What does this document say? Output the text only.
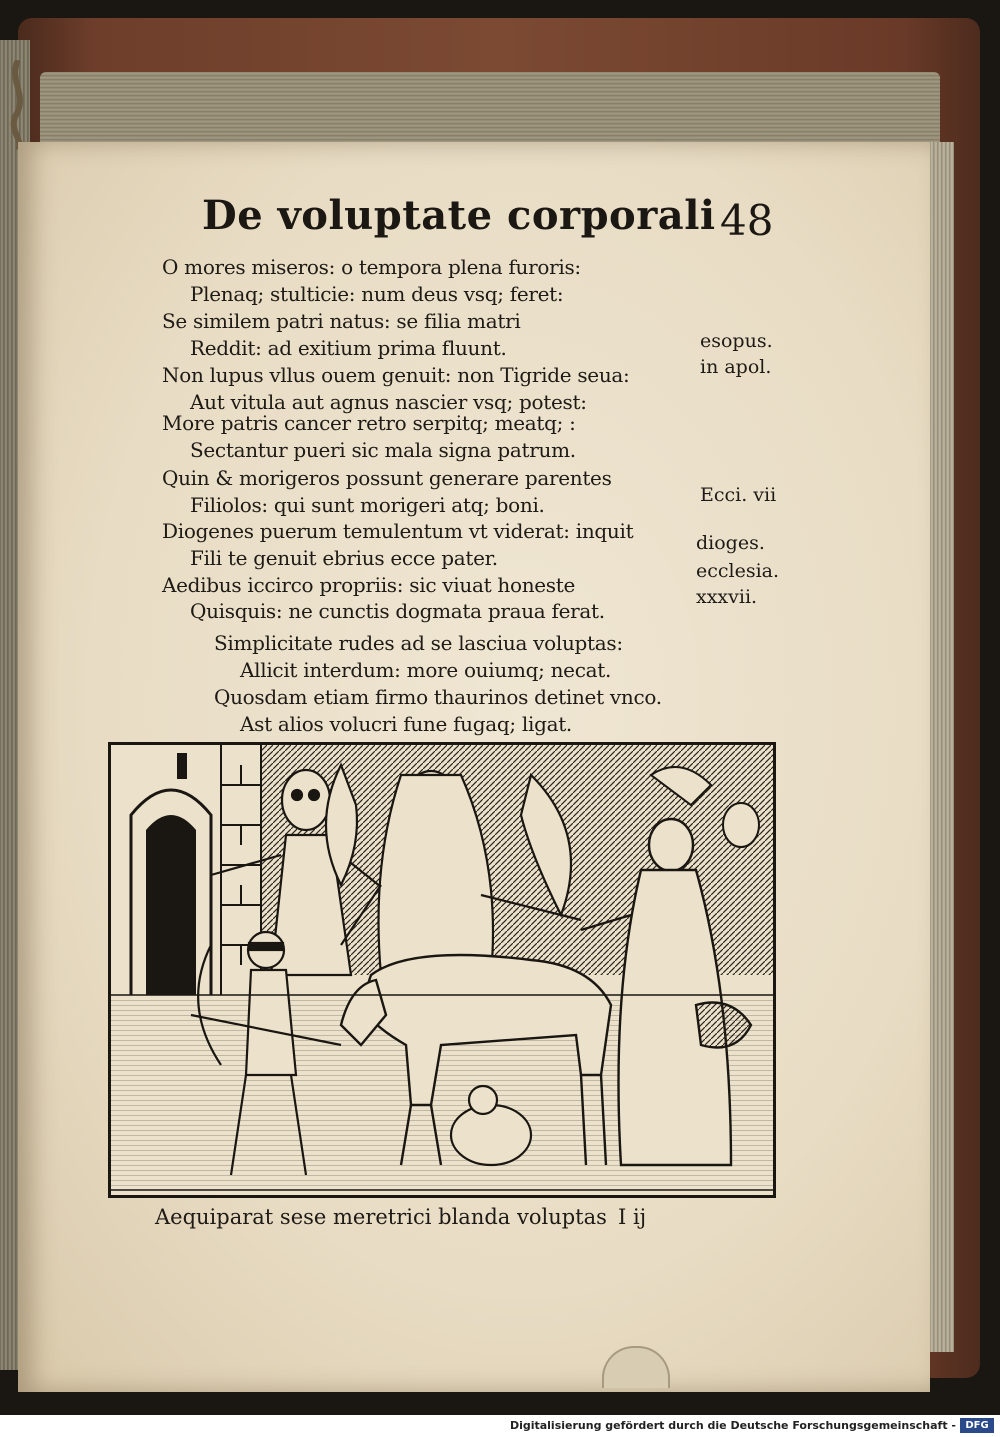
De voluptate corporali 48
O mores miseros: o tempora plena furoris:
Plenaq; stulticie: num deus vsq; feret:
Se similem patri natus: se filia matri
Reddit: ad exitium prima fluunt.
Non lupus vllus ouem genuit: non Tigride seua:
Aut vitula aut agnus nascier vsq; potest:
More patris cancer retro serpitq; meatq; :
Sectantur pueri sic mala signa patrum.
Quin & morigeros possunt generare parentes
Filiolos: qui sunt morigeri atq; boni.
Diogenes puerum temulentum vt viderat: inquit
Fili te genuit ebrius ecce pater.
Aedibus iccirco propriis: sic viuat honeste
Quisquis: ne cunctis dogmata praua ferat.
Simplicitate rudes ad se lasciua voluptas:
Allicit interdum: more ouiumq; necat.
Quosdam etiam firmo thaurinos detinet vnco.
Ast alios volucri fune fugaq; ligat.
esopus.
in apol.
Ecci. vii
dioges.
ecclesia.
xxxvii.
Aequiparat sese meretrici blanda voluptas I ij
Digitalisierung gefördert durch die Deutsche Forschungsgemeinschaft - DFG
